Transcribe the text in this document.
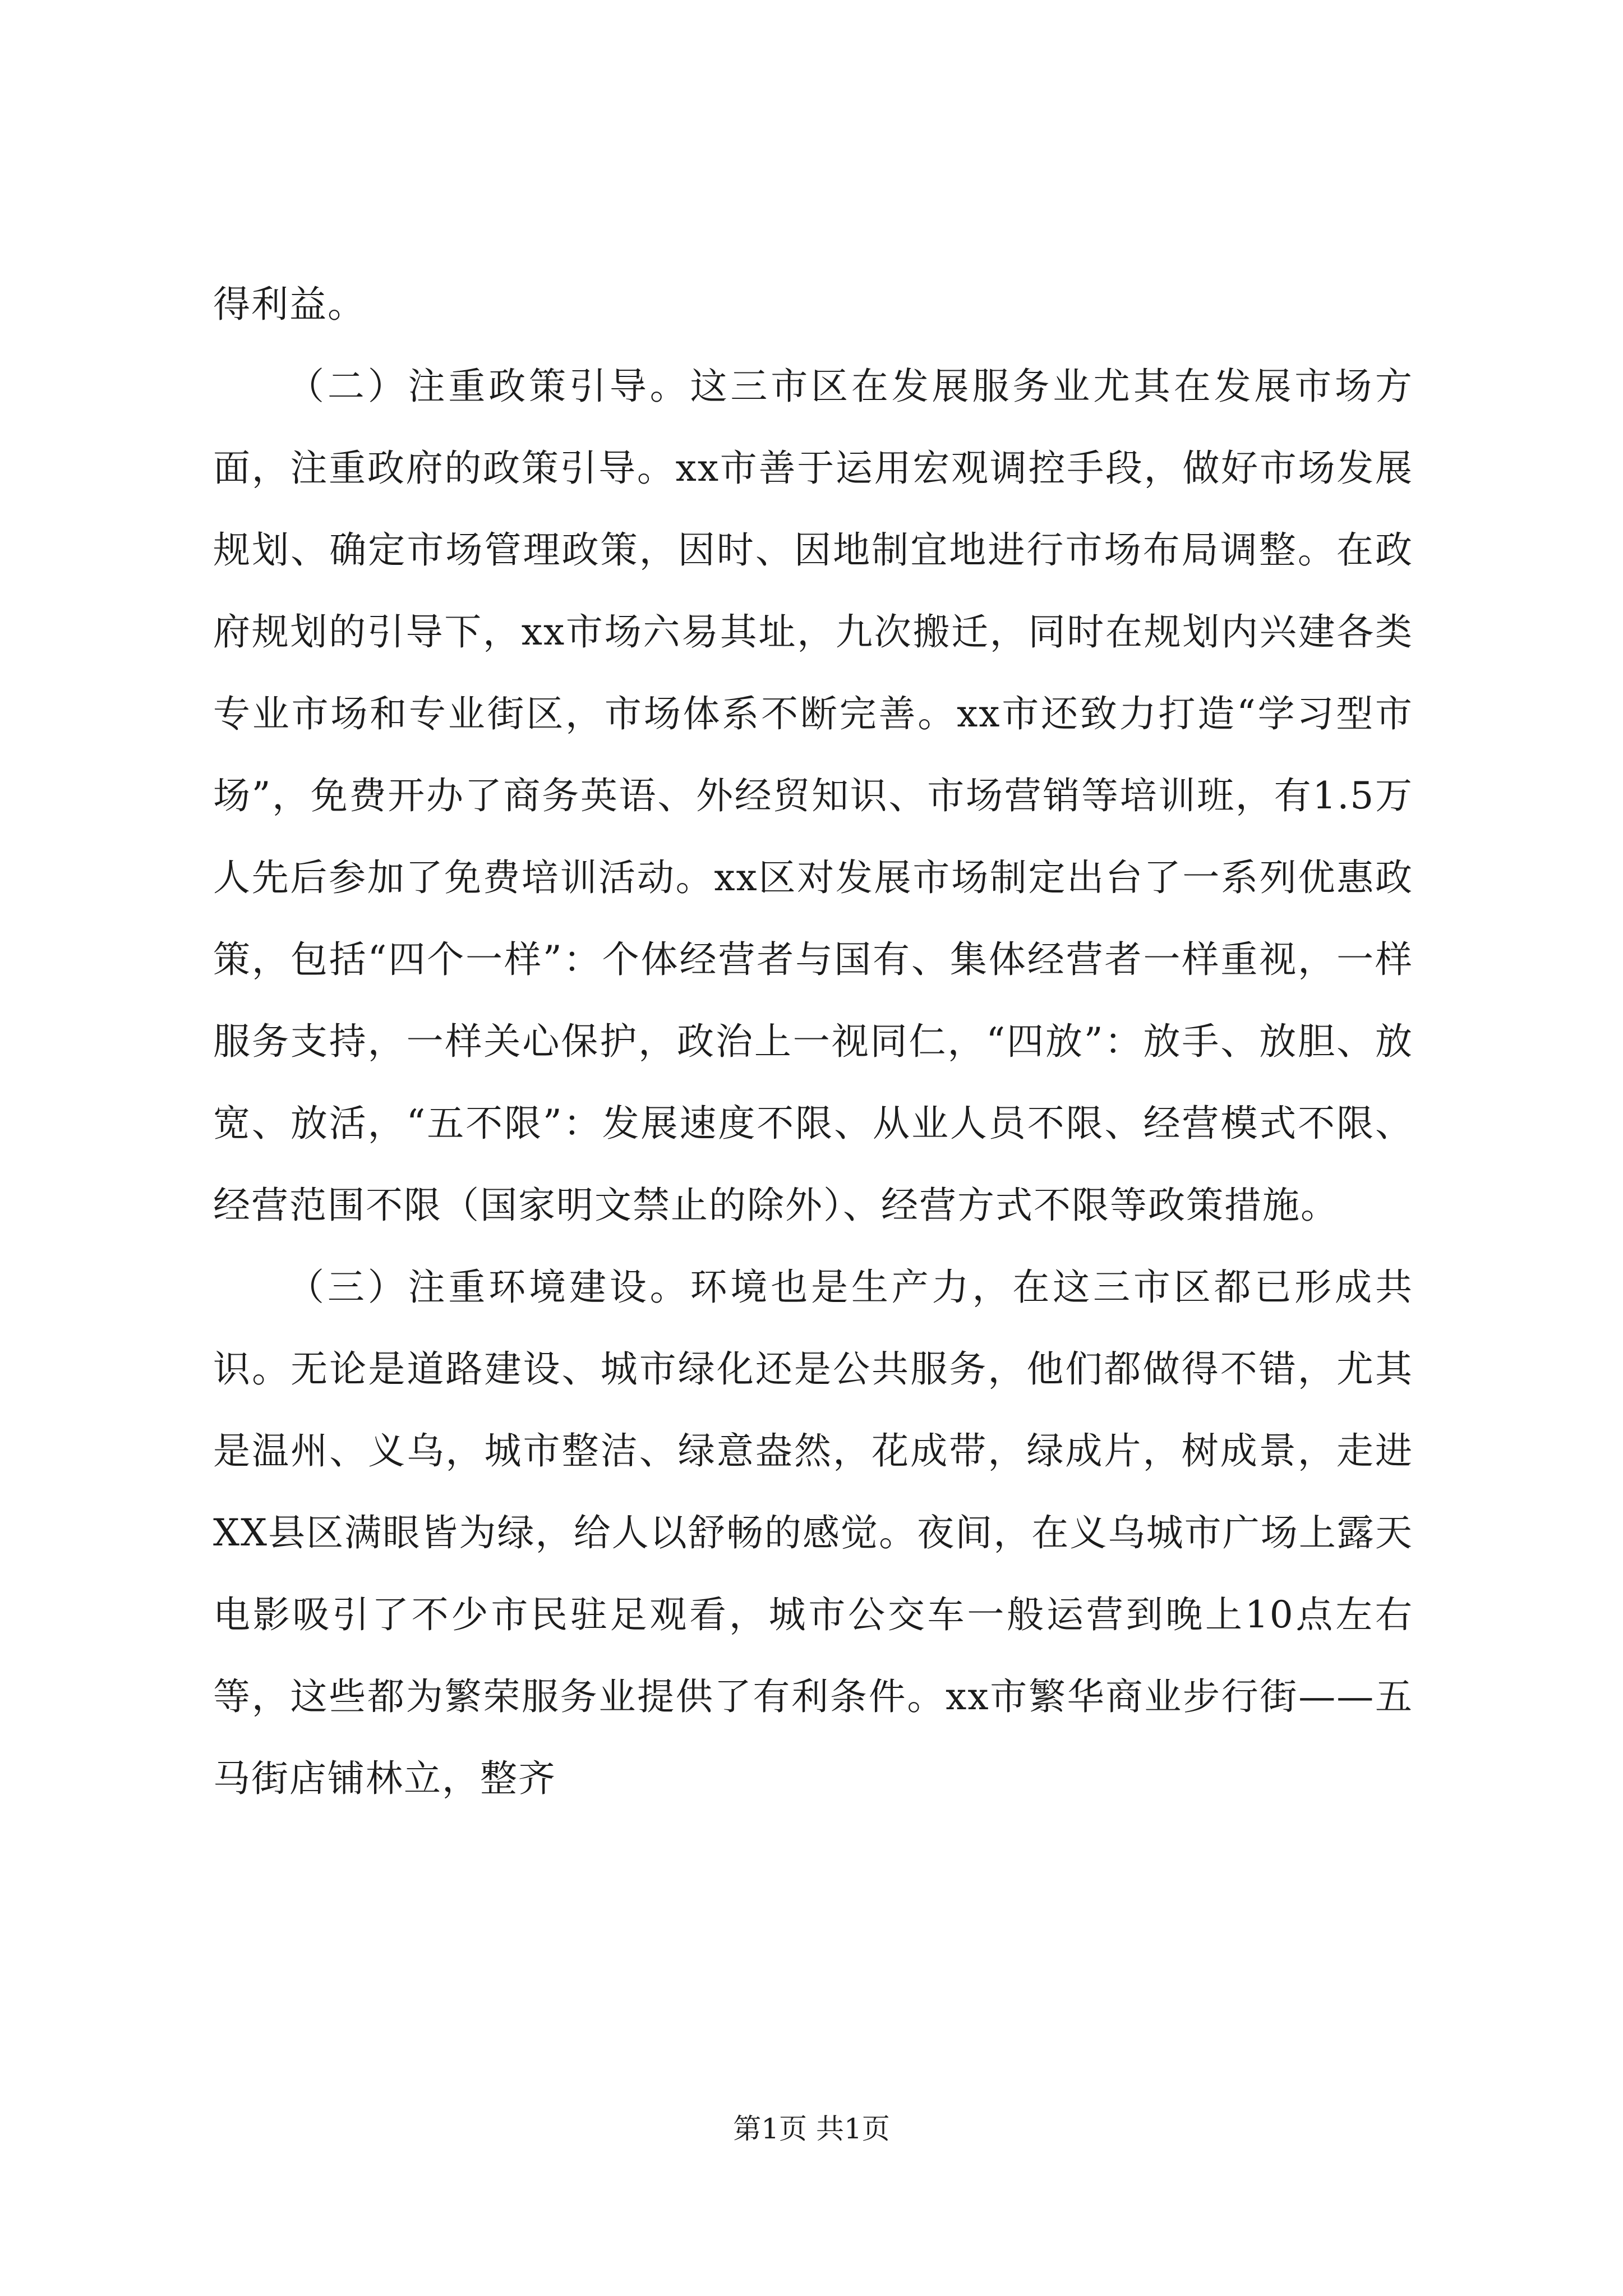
得利益。

（二）注重政策引导。这三市区在发展服务业尤其在发展市场方面，注重政府的政策引导。xx市善于运用宏观调控手段，做好市场发展规划、确定市场管理政策，因时、因地制宜地进行市场布局调整。在政府规划的引导下，xx市场六易其址，九次搬迁，同时在规划内兴建各类专业市场和专业街区，市场体系不断完善。xx市还致力打造“学习型市场”，免费开办了商务英语、外经贸知识、市场营销等培训班，有1.5万人先后参加了免费培训活动。xx区对发展市场制定出台了一系列优惠政策，包括“四个一样”：个体经营者与国有、集体经营者一样重视，一样服务支持，一样关心保护，政治上一视同仁，“四放”：放手、放胆、放宽、放活，“五不限”：发展速度不限、从业人员不限、经营模式不限、经营范围不限（国家明文禁止的除外）、经营方式不限等政策措施。

（三）注重环境建设。环境也是生产力，在这三市区都已形成共识。无论是道路建设、城市绿化还是公共服务，他们都做得不错，尤其是温州、义乌，城市整洁、绿意盎然，花成带，绿成片，树成景，走进XX县区满眼皆为绿，给人以舒畅的感觉。夜间，在义乌城市广场上露天电影吸引了不少市民驻足观看，城市公交车一般运营到晚上10点左右等，这些都为繁荣服务业提供了有利条件。xx市繁华商业步行街——五马街店铺林立，整齐

第1页 共1页
